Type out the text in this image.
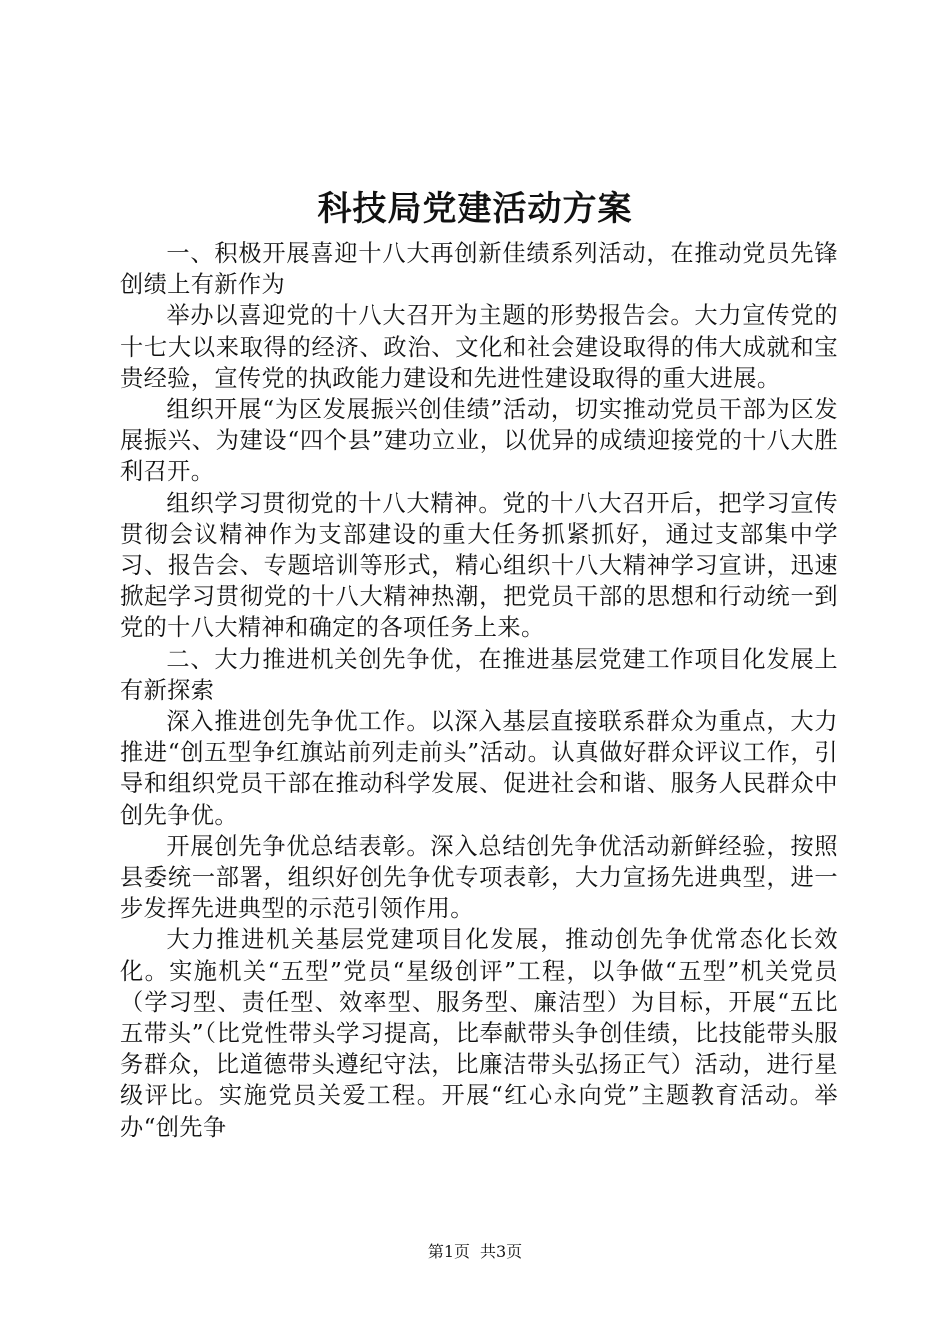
科技局党建活动方案

一、积极开展喜迎十八大再创新佳绩系列活动，在推动党员先锋创绩上有新作为

举办以喜迎党的十八大召开为主题的形势报告会。大力宣传党的十七大以来取得的经济、政治、文化和社会建设取得的伟大成就和宝贵经验，宣传党的执政能力建设和先进性建设取得的重大进展。

组织开展“为区发展振兴创佳绩”活动，切实推动党员干部为区发展振兴、为建设“四个县”建功立业，以优异的成绩迎接党的十八大胜利召开。

组织学习贯彻党的十八大精神。党的十八大召开后，把学习宣传贯彻会议精神作为支部建设的重大任务抓紧抓好，通过支部集中学习、报告会、专题培训等形式，精心组织十八大精神学习宣讲，迅速掀起学习贯彻党的十八大精神热潮，把党员干部的思想和行动统一到党的十八大精神和确定的各项任务上来。

二、大力推进机关创先争优，在推进基层党建工作项目化发展上有新探索

深入推进创先争优工作。以深入基层直接联系群众为重点，大力推进“创五型争红旗站前列走前头”活动。认真做好群众评议工作，引导和组织党员干部在推动科学发展、促进社会和谐、服务人民群众中创先争优。

开展创先争优总结表彰。深入总结创先争优活动新鲜经验，按照县委统一部署，组织好创先争优专项表彰，大力宣扬先进典型，进一步发挥先进典型的示范引领作用。

大力推进机关基层党建项目化发展，推动创先争优常态化长效化。实施机关“五型”党员“星级创评”工程，以争做“五型”机关党员（学习型、责任型、效率型、服务型、廉洁型）为目标，开展“五比五带头”（比党性带头学习提高，比奉献带头争创佳绩，比技能带头服务群众，比道德带头遵纪守法，比廉洁带头弘扬正气）活动，进行星级评比。实施党员关爱工程。开展“红心永向党”主题教育活动。举办“创先争

第1页 共3页
